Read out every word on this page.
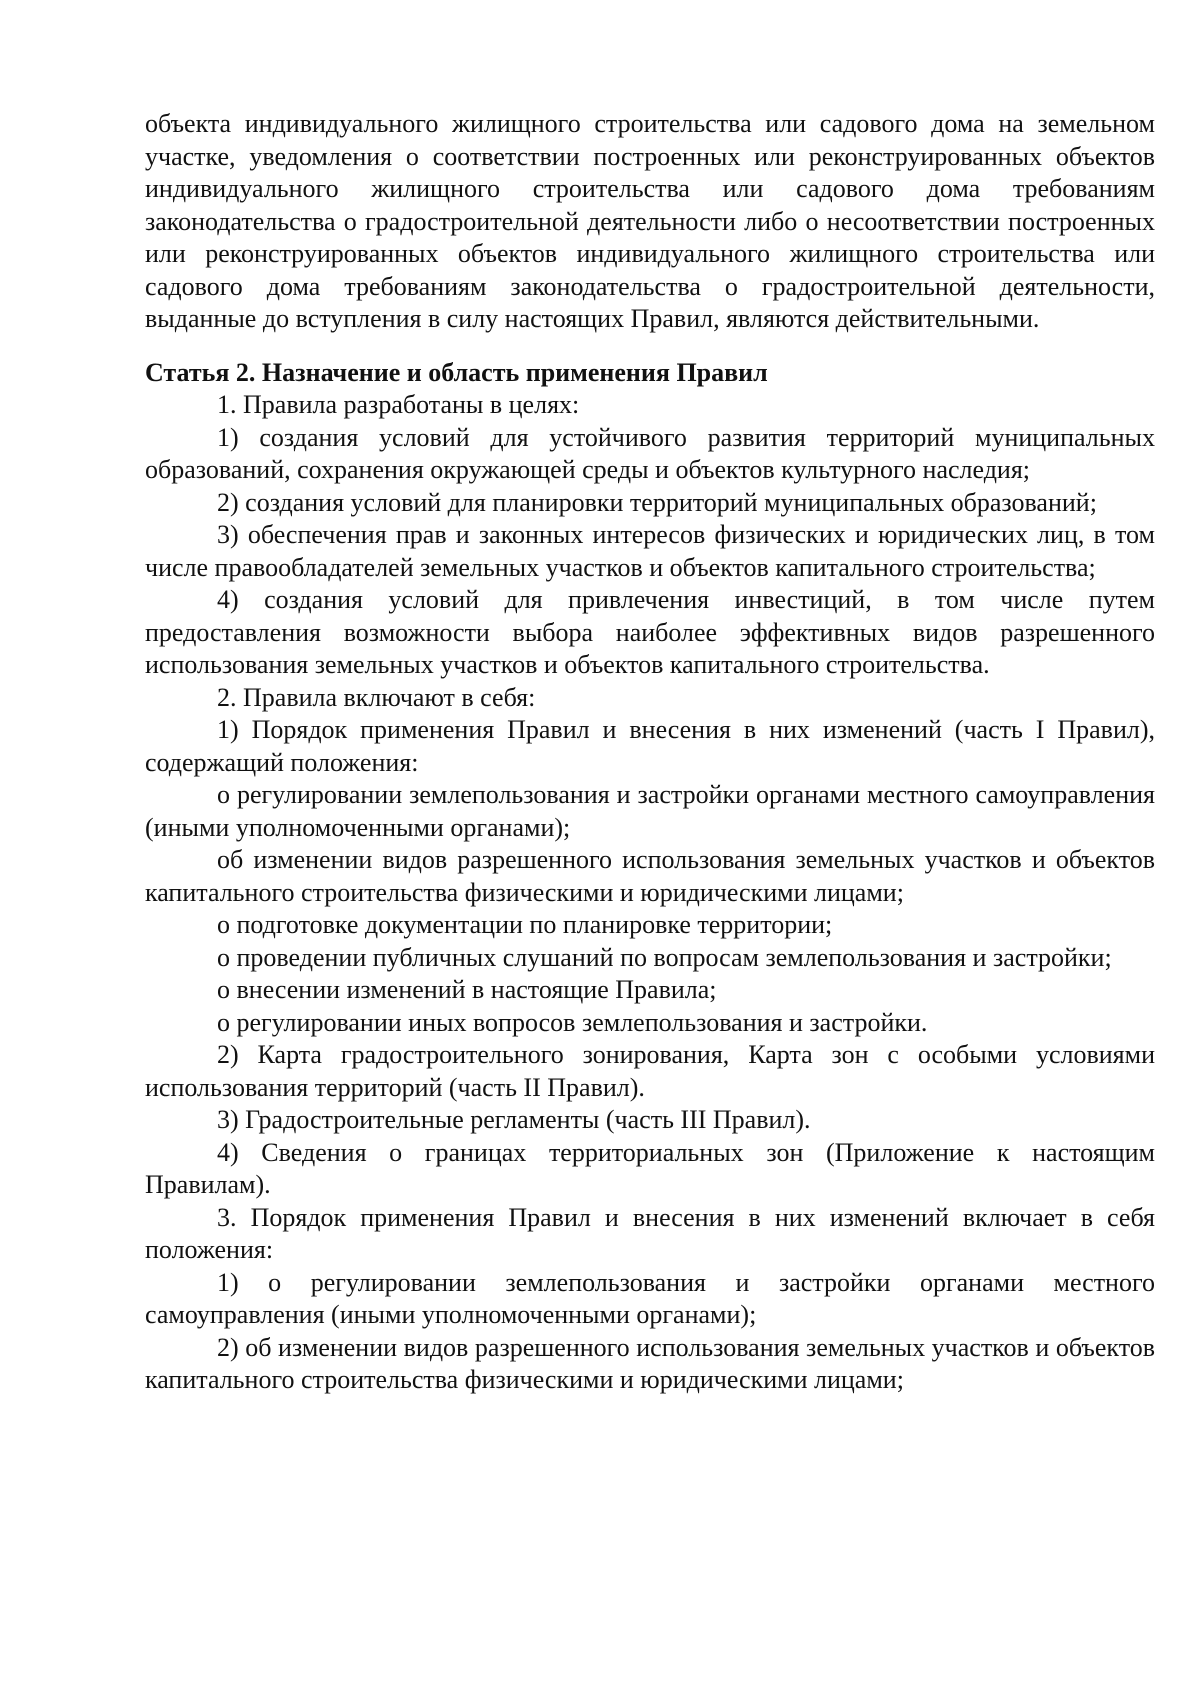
объекта индивидуального жилищного строительства или садового дома на земельном участке, уведомления о соответствии построенных или реконструированных объектов индивидуального жилищного строительства или садового дома требованиям законодательства о градостроительной деятельности либо о несоответствии построенных или реконструированных объектов индивидуального жилищного строительства или садового дома требованиям законодательства о градостроительной деятельности, выданные до вступления в силу настоящих Правил, являются действительными.

Статья 2. Назначение и область применения Правил

1. Правила разработаны в целях:

1) создания условий для устойчивого развития территорий муниципальных образований, сохранения окружающей среды и объектов культурного наследия;

2) создания условий для планировки территорий муниципальных образований;

3) обеспечения прав и законных интересов физических и юридических лиц, в том числе правообладателей земельных участков и объектов капитального строительства;

4) создания условий для привлечения инвестиций, в том числе путем предоставления возможности выбора наиболее эффективных видов разрешенного использования земельных участков и объектов капитального строительства.

2. Правила включают в себя:

1) Порядок применения Правил и внесения в них изменений (часть I Правил), содержащий положения:

о регулировании землепользования и застройки органами местного самоуправления (иными уполномоченными органами);

об изменении видов разрешенного использования земельных участков и объектов капитального строительства физическими и юридическими лицами;

о подготовке документации по планировке территории;

о проведении публичных слушаний по вопросам землепользования и застройки;

о внесении изменений в настоящие Правила;

о регулировании иных вопросов землепользования и застройки.

2) Карта градостроительного зонирования, Карта зон с особыми условиями использования территорий (часть II Правил).

3) Градостроительные регламенты (часть III Правил).

4) Сведения о границах территориальных зон (Приложение к настоящим Правилам).

3. Порядок применения Правил и внесения в них изменений включает в себя положения:

1) о регулировании землепользования и застройки органами местного самоуправления (иными уполномоченными органами);

2) об изменении видов разрешенного использования земельных участков и объектов капитального строительства физическими и юридическими лицами;
